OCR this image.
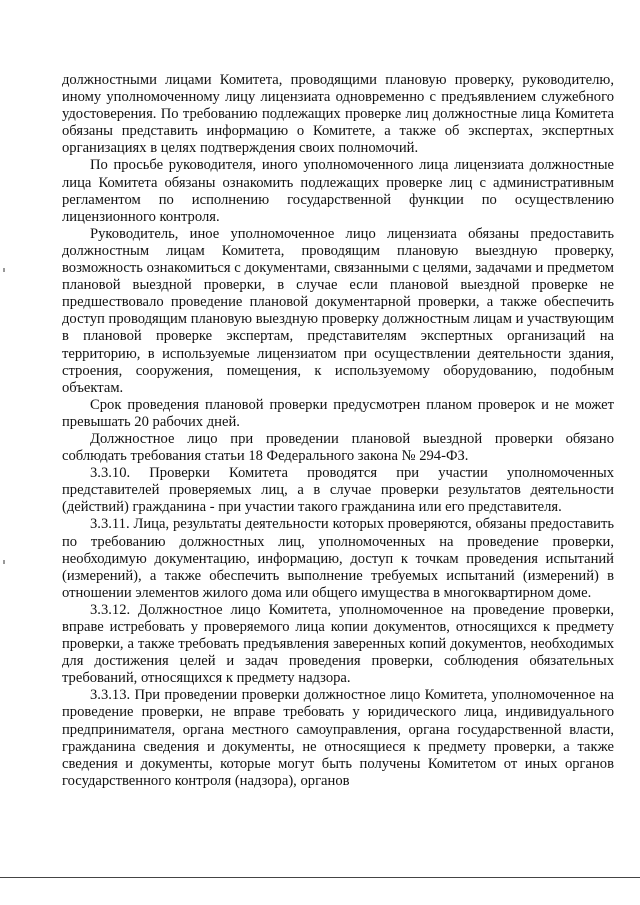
должностными лицами Комитета, проводящими плановую проверку, руководителю, иному уполномоченному лицу лицензиата одновременно с предъявлением служебного удостоверения. По требованию подлежащих проверке лиц должностные лица Комитета обязаны представить информацию о Комитете, а также об экспертах, экспертных организациях в целях подтверждения своих полномочий.

По просьбе руководителя, иного уполномоченного лица лицензиата должностные лица Комитета обязаны ознакомить подлежащих проверке лиц с административным регламентом по исполнению государственной функции по осуществлению лицензионного контроля.

Руководитель, иное уполномоченное лицо лицензиата обязаны предоставить должностным лицам Комитета, проводящим плановую выездную проверку, возможность ознакомиться с документами, связанными с целями, задачами и предметом плановой выездной проверки, в случае если плановой выездной проверке не предшествовало проведение плановой документарной проверки, а также обеспечить доступ проводящим плановую выездную проверку должностным лицам и участвующим в плановой проверке экспертам, представителям экспертных организаций на территорию, в используемые лицензиатом при осуществлении деятельности здания, строения, сооружения, помещения, к используемому оборудованию, подобным объектам.

Срок проведения плановой проверки предусмотрен планом проверок и не может превышать 20 рабочих дней.

Должностное лицо при проведении плановой выездной проверки обязано соблюдать требования статьи 18 Федерального закона № 294-ФЗ.

3.3.10. Проверки Комитета проводятся при участии уполномоченных представителей проверяемых лиц, а в случае проверки результатов деятельности (действий) гражданина - при участии такого гражданина или его представителя.

3.3.11. Лица, результаты деятельности которых проверяются, обязаны предоставить по требованию должностных лиц, уполномоченных на проведение проверки, необходимую документацию, информацию, доступ к точкам проведения испытаний (измерений), а также обеспечить выполнение требуемых испытаний (измерений) в отношении элементов жилого дома или общего имущества в многоквартирном доме.

3.3.12. Должностное лицо Комитета, уполномоченное на проведение проверки, вправе истребовать у проверяемого лица копии документов, относящихся к предмету проверки, а также требовать предъявления заверенных копий документов, необходимых для достижения целей и задач проведения проверки, соблюдения обязательных требований, относящихся к предмету надзора.

3.3.13. При проведении проверки должностное лицо Комитета, уполномоченное на проведение проверки, не вправе требовать у юридического лица, индивидуального предпринимателя, органа местного самоуправления, органа государственной власти, гражданина сведения и документы, не относящиеся к предмету проверки, а также сведения и документы, которые могут быть получены Комитетом от иных органов государственного контроля (надзора), органов
